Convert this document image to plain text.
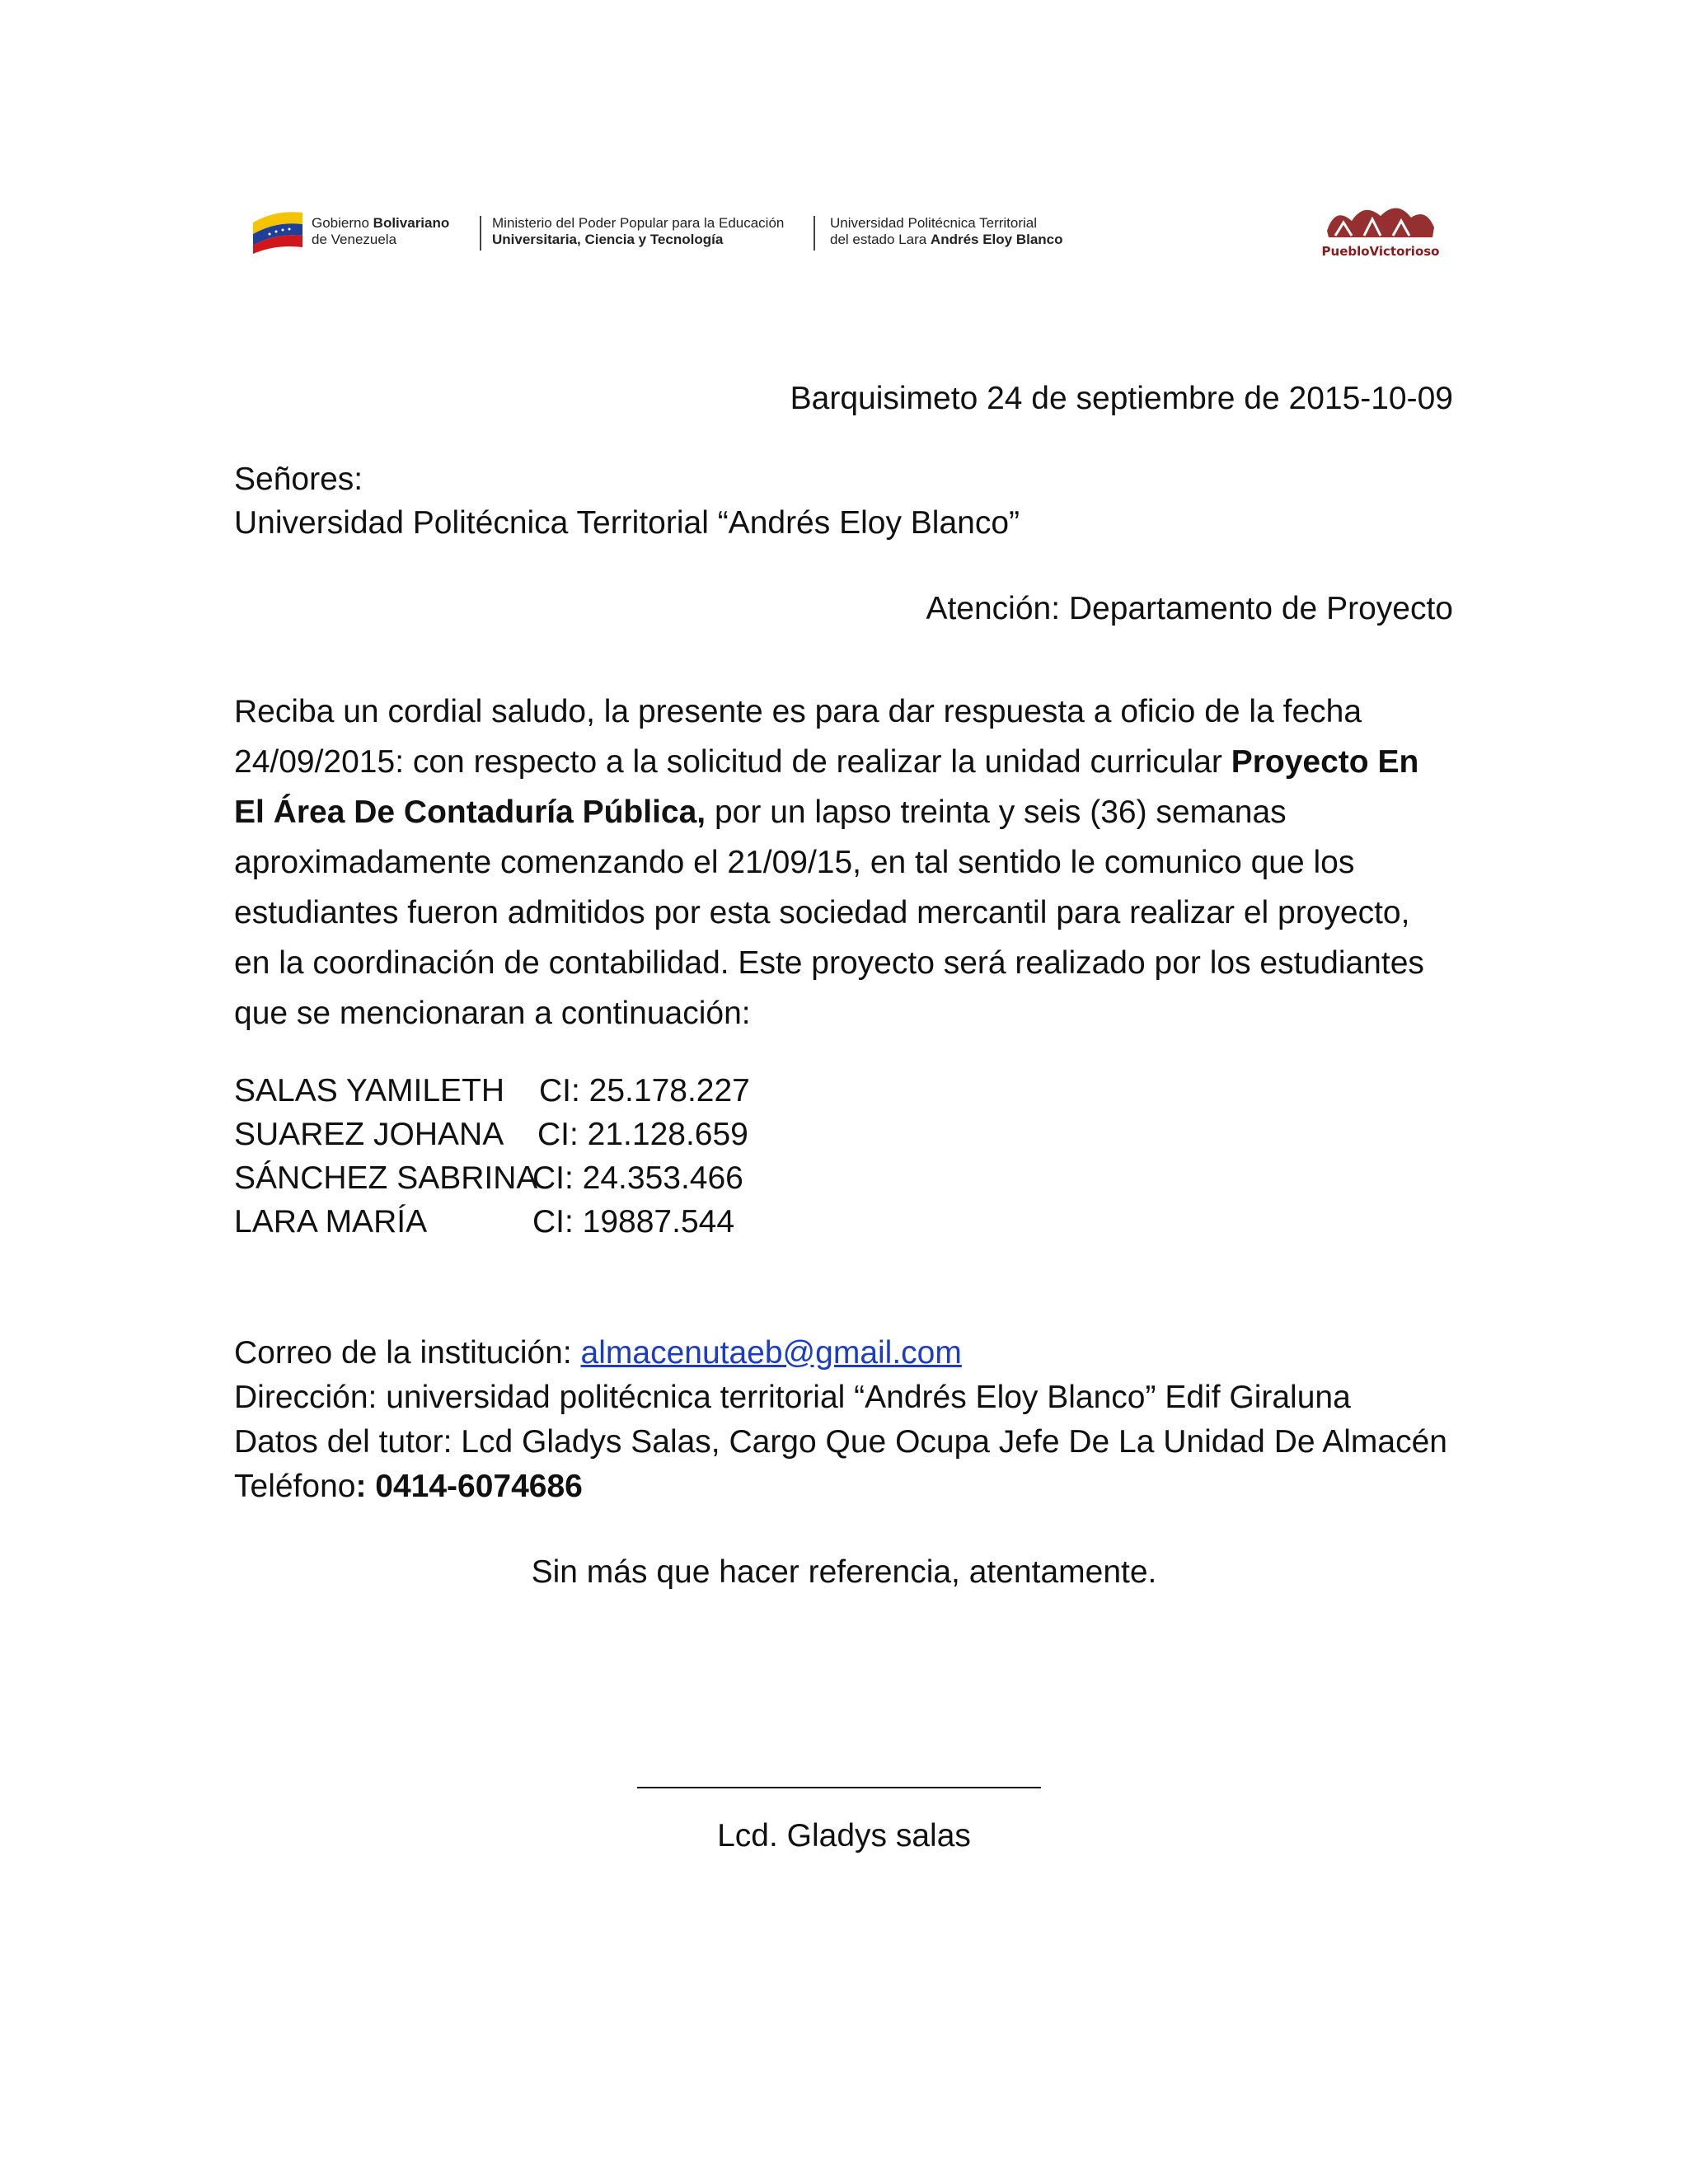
Gobierno Bolivariano
de Venezuela
Ministerio del Poder Popular para la Educación
Universitaria, Ciencia y Tecnología
Universidad Politécnica Territorial
del estado Lara Andrés Eloy Blanco
PuebloVictorioso
Barquisimeto 24 de septiembre de 2015-10-09
Señores:
Universidad Politécnica Territorial “Andrés Eloy Blanco”
Atención: Departamento de Proyecto
Reciba un cordial saludo, la presente es para dar respuesta a oficio de la fecha
24/09/2015: con respecto a la solicitud de realizar la unidad curricular Proyecto En
El Área De Contaduría Pública, por un lapso treinta y seis (36) semanas
aproximadamente comenzando el 21/09/15, en tal sentido le comunico que los
estudiantes fueron admitidos por esta sociedad mercantil para realizar el proyecto,
en la coordinación de contabilidad. Este proyecto será realizado por los estudiantes
que se mencionaran a continuación:
SALAS YAMILETH CI: 25.178.227
SUAREZ JOHANA CI: 21.128.659
SÁNCHEZ SABRINA
CI: 24.353.466
LARA MARÍA	CI: 19887.544
Correo de la institución: almacenutaeb@gmail.com
Dirección: universidad politécnica territorial “Andrés Eloy Blanco” Edif Giraluna
Datos del tutor: Lcd Gladys Salas, Cargo Que Ocupa Jefe De La Unidad De Almacén
Teléfono: 0414-6074686
Sin más que hacer referencia, atentamente.
Lcd. Gladys salas
